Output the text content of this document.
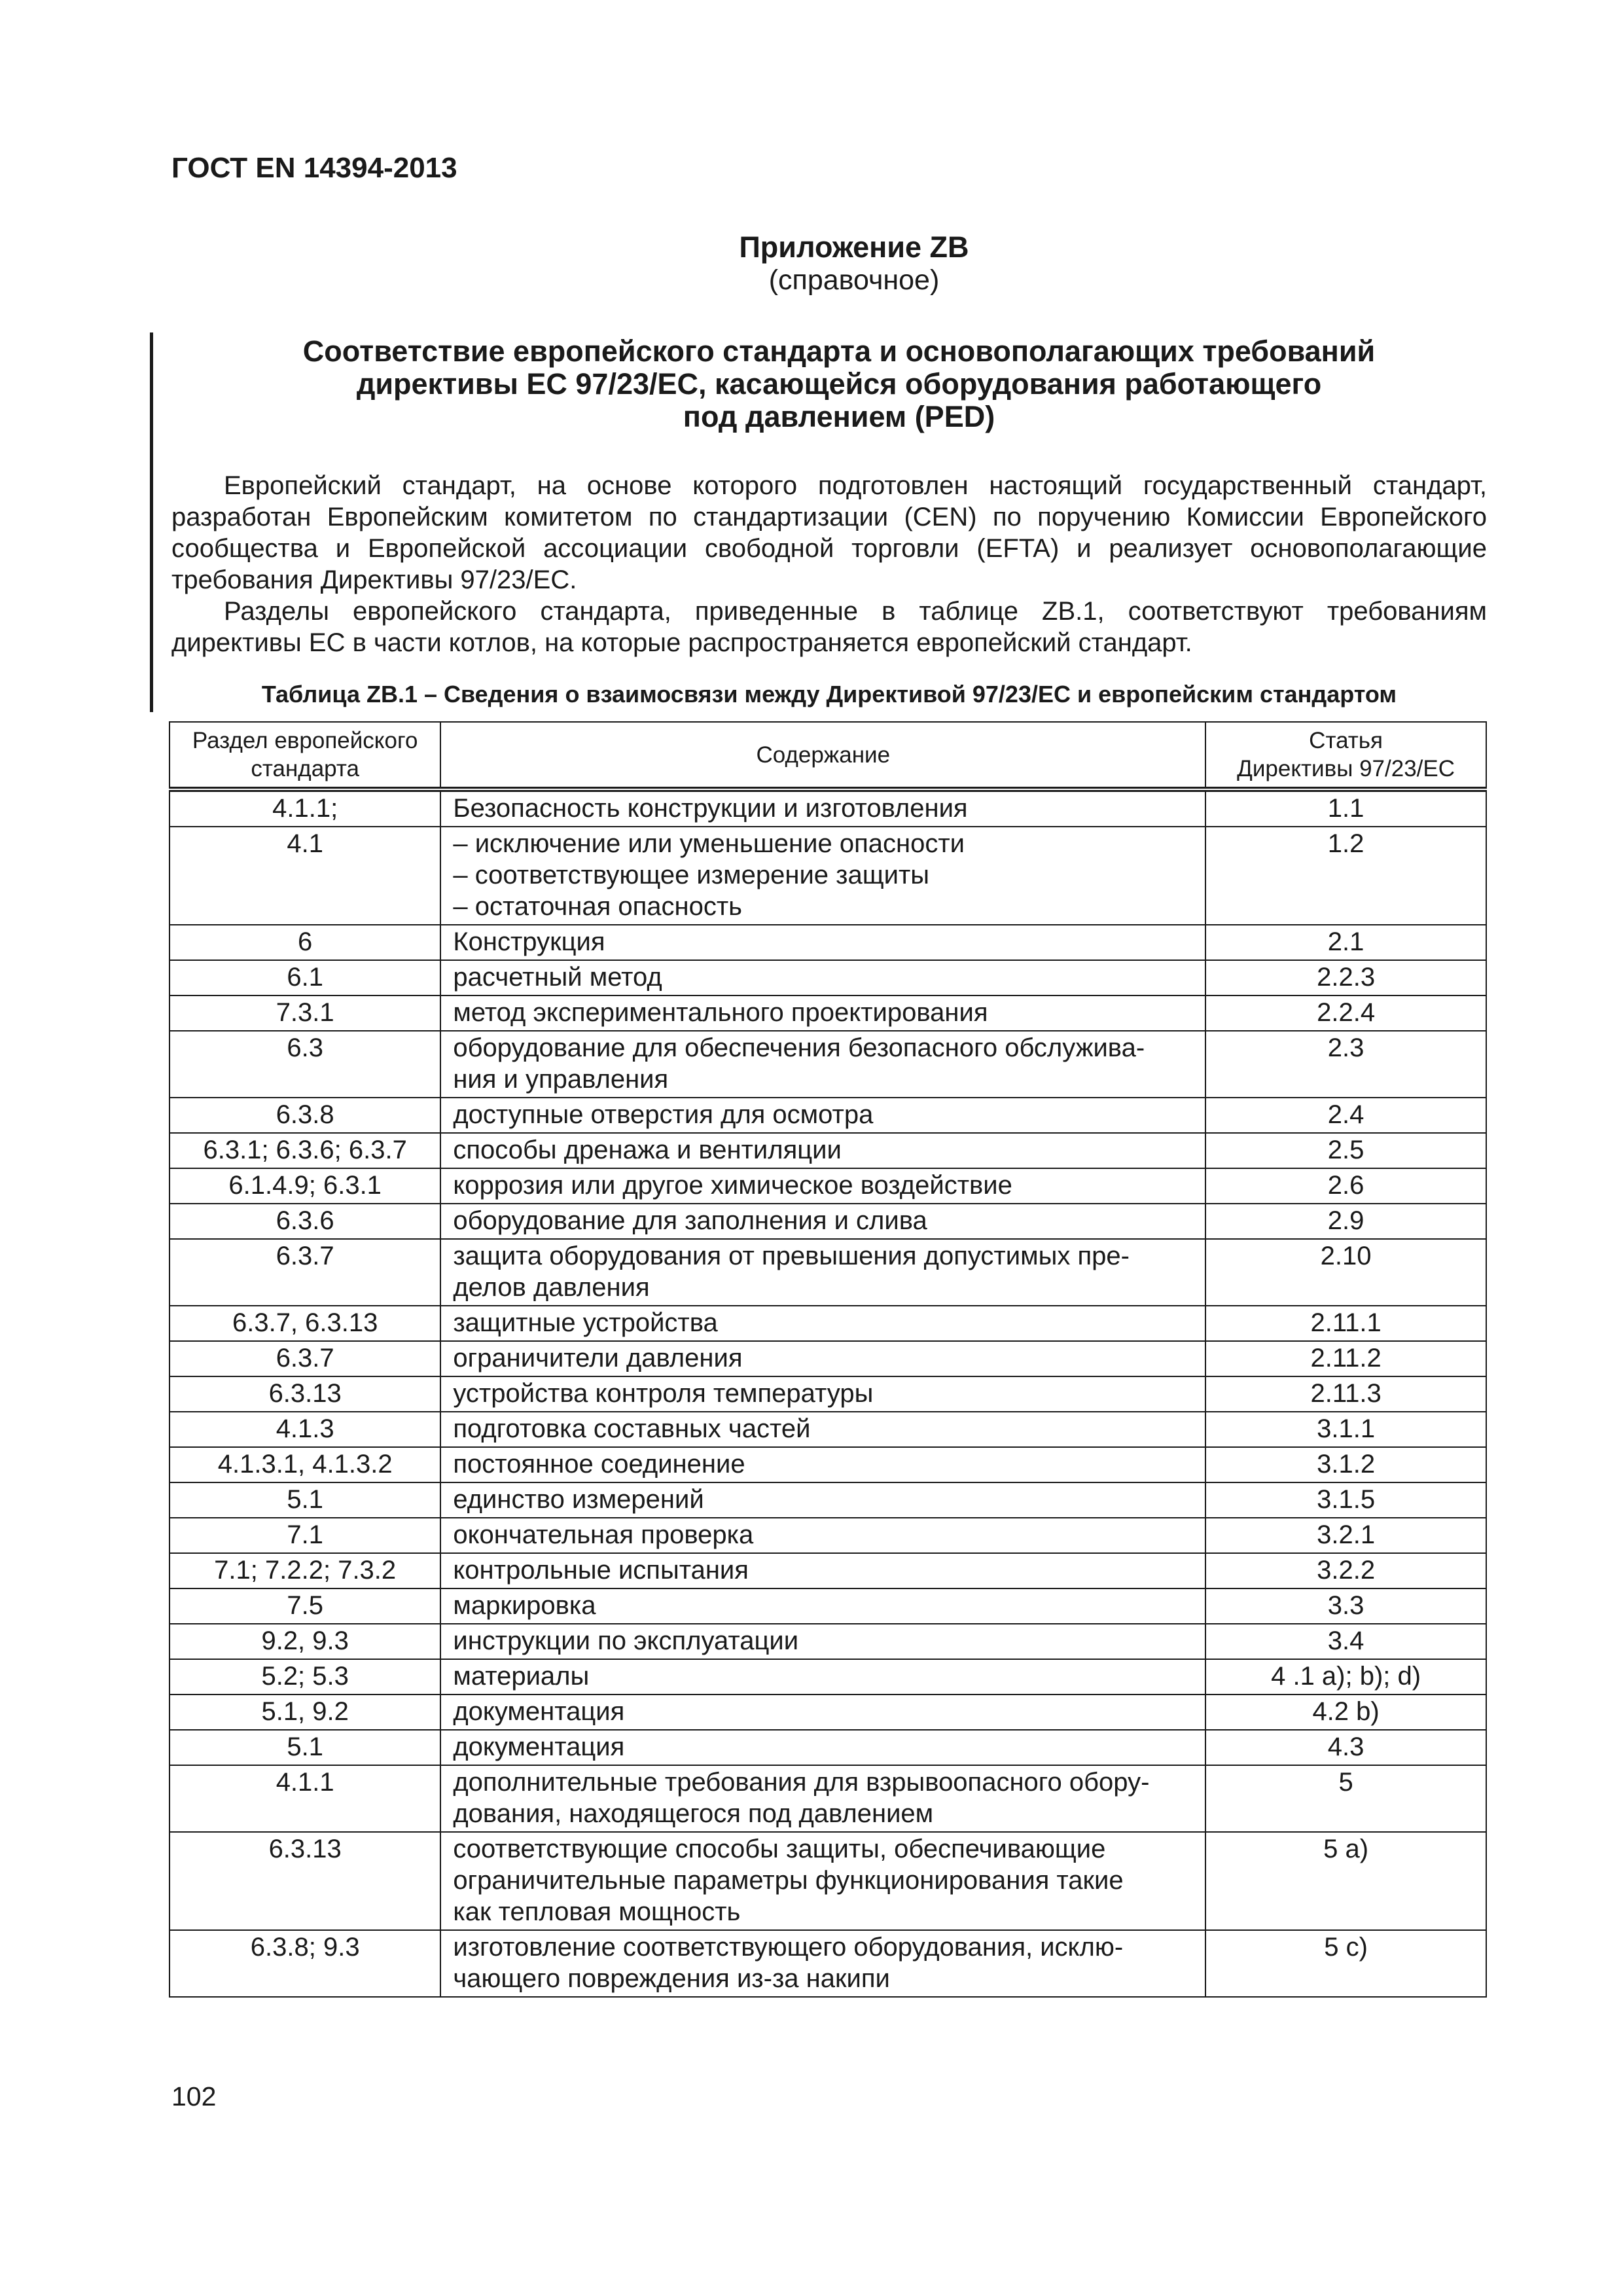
ГОСТ EN 14394-2013
Приложение ZB
(справочное)
Соответствие европейского стандарта и основополагающих требований
директивы ЕС 97/23/ЕС, касающейся оборудования работающего
под давлением (PED)

Европейский стандарт, на основе которого подготовлен настоящий государственный стандарт, разработан Европейским комитетом по стандартизации (CEN) по поручению Комиссии Европейского сообщества и Европейской ассоциации свободной торговли (EFTA) и реализует основополагающие требования Директивы 97/23/ЕС.

Разделы европейского стандарта, приведенные в таблице ZB.1, соответствуют требованиям директивы ЕС в части котлов, на которые распространяется европейский стандарт.

Таблица ZB.1 – Сведения о взаимосвязи между Директивой 97/23/ЕС и европейским стандартом
Раздел европейского
стандарта	Содержание	Статья
Директивы 97/23/ЕС
4.1.1;	Безопасность конструкции и изготовления	1.1
4.1	– исключение или уменьшение опасности
– соответствующее измерение защиты
– остаточная опасность	1.2
6	Конструкция	2.1
6.1	расчетный метод	2.2.3
7.3.1	метод экспериментального проектирования	2.2.4
6.3	оборудование для обеспечения безопасного обслужива-
ния и управления	2.3
6.3.8	доступные отверстия для осмотра	2.4
6.3.1; 6.3.6; 6.3.7	способы дренажа и вентиляции	2.5
6.1.4.9; 6.3.1	коррозия или другое химическое воздействие	2.6
6.3.6	оборудование для заполнения и слива	2.9
6.3.7	защита оборудования от превышения допустимых пре-
делов давления	2.10
6.3.7, 6.3.13	защитные устройства	2.11.1
6.3.7	ограничители давления	2.11.2
6.3.13	устройства контроля температуры	2.11.3
4.1.3	подготовка составных частей	3.1.1
4.1.3.1, 4.1.3.2	постоянное соединение	3.1.2
5.1	единство измерений	3.1.5
7.1	окончательная проверка	3.2.1
7.1; 7.2.2; 7.3.2	контрольные испытания	3.2.2
7.5	маркировка	3.3
9.2, 9.3	инструкции по эксплуатации	3.4
5.2; 5.3	материалы	4 .1 a); b); d)
5.1, 9.2	документация	4.2 b)
5.1	документация	4.3
4.1.1	дополнительные требования для взрывоопасного обору-
дования, находящегося под давлением	5
6.3.13	соответствующие способы защиты, обеспечивающие
ограничительные параметры функционирования такие
как тепловая мощность	5 a)
6.3.8; 9.3	изготовление соответствующего оборудования, исклю-
чающего повреждения из-за накипи	5 c)
102
